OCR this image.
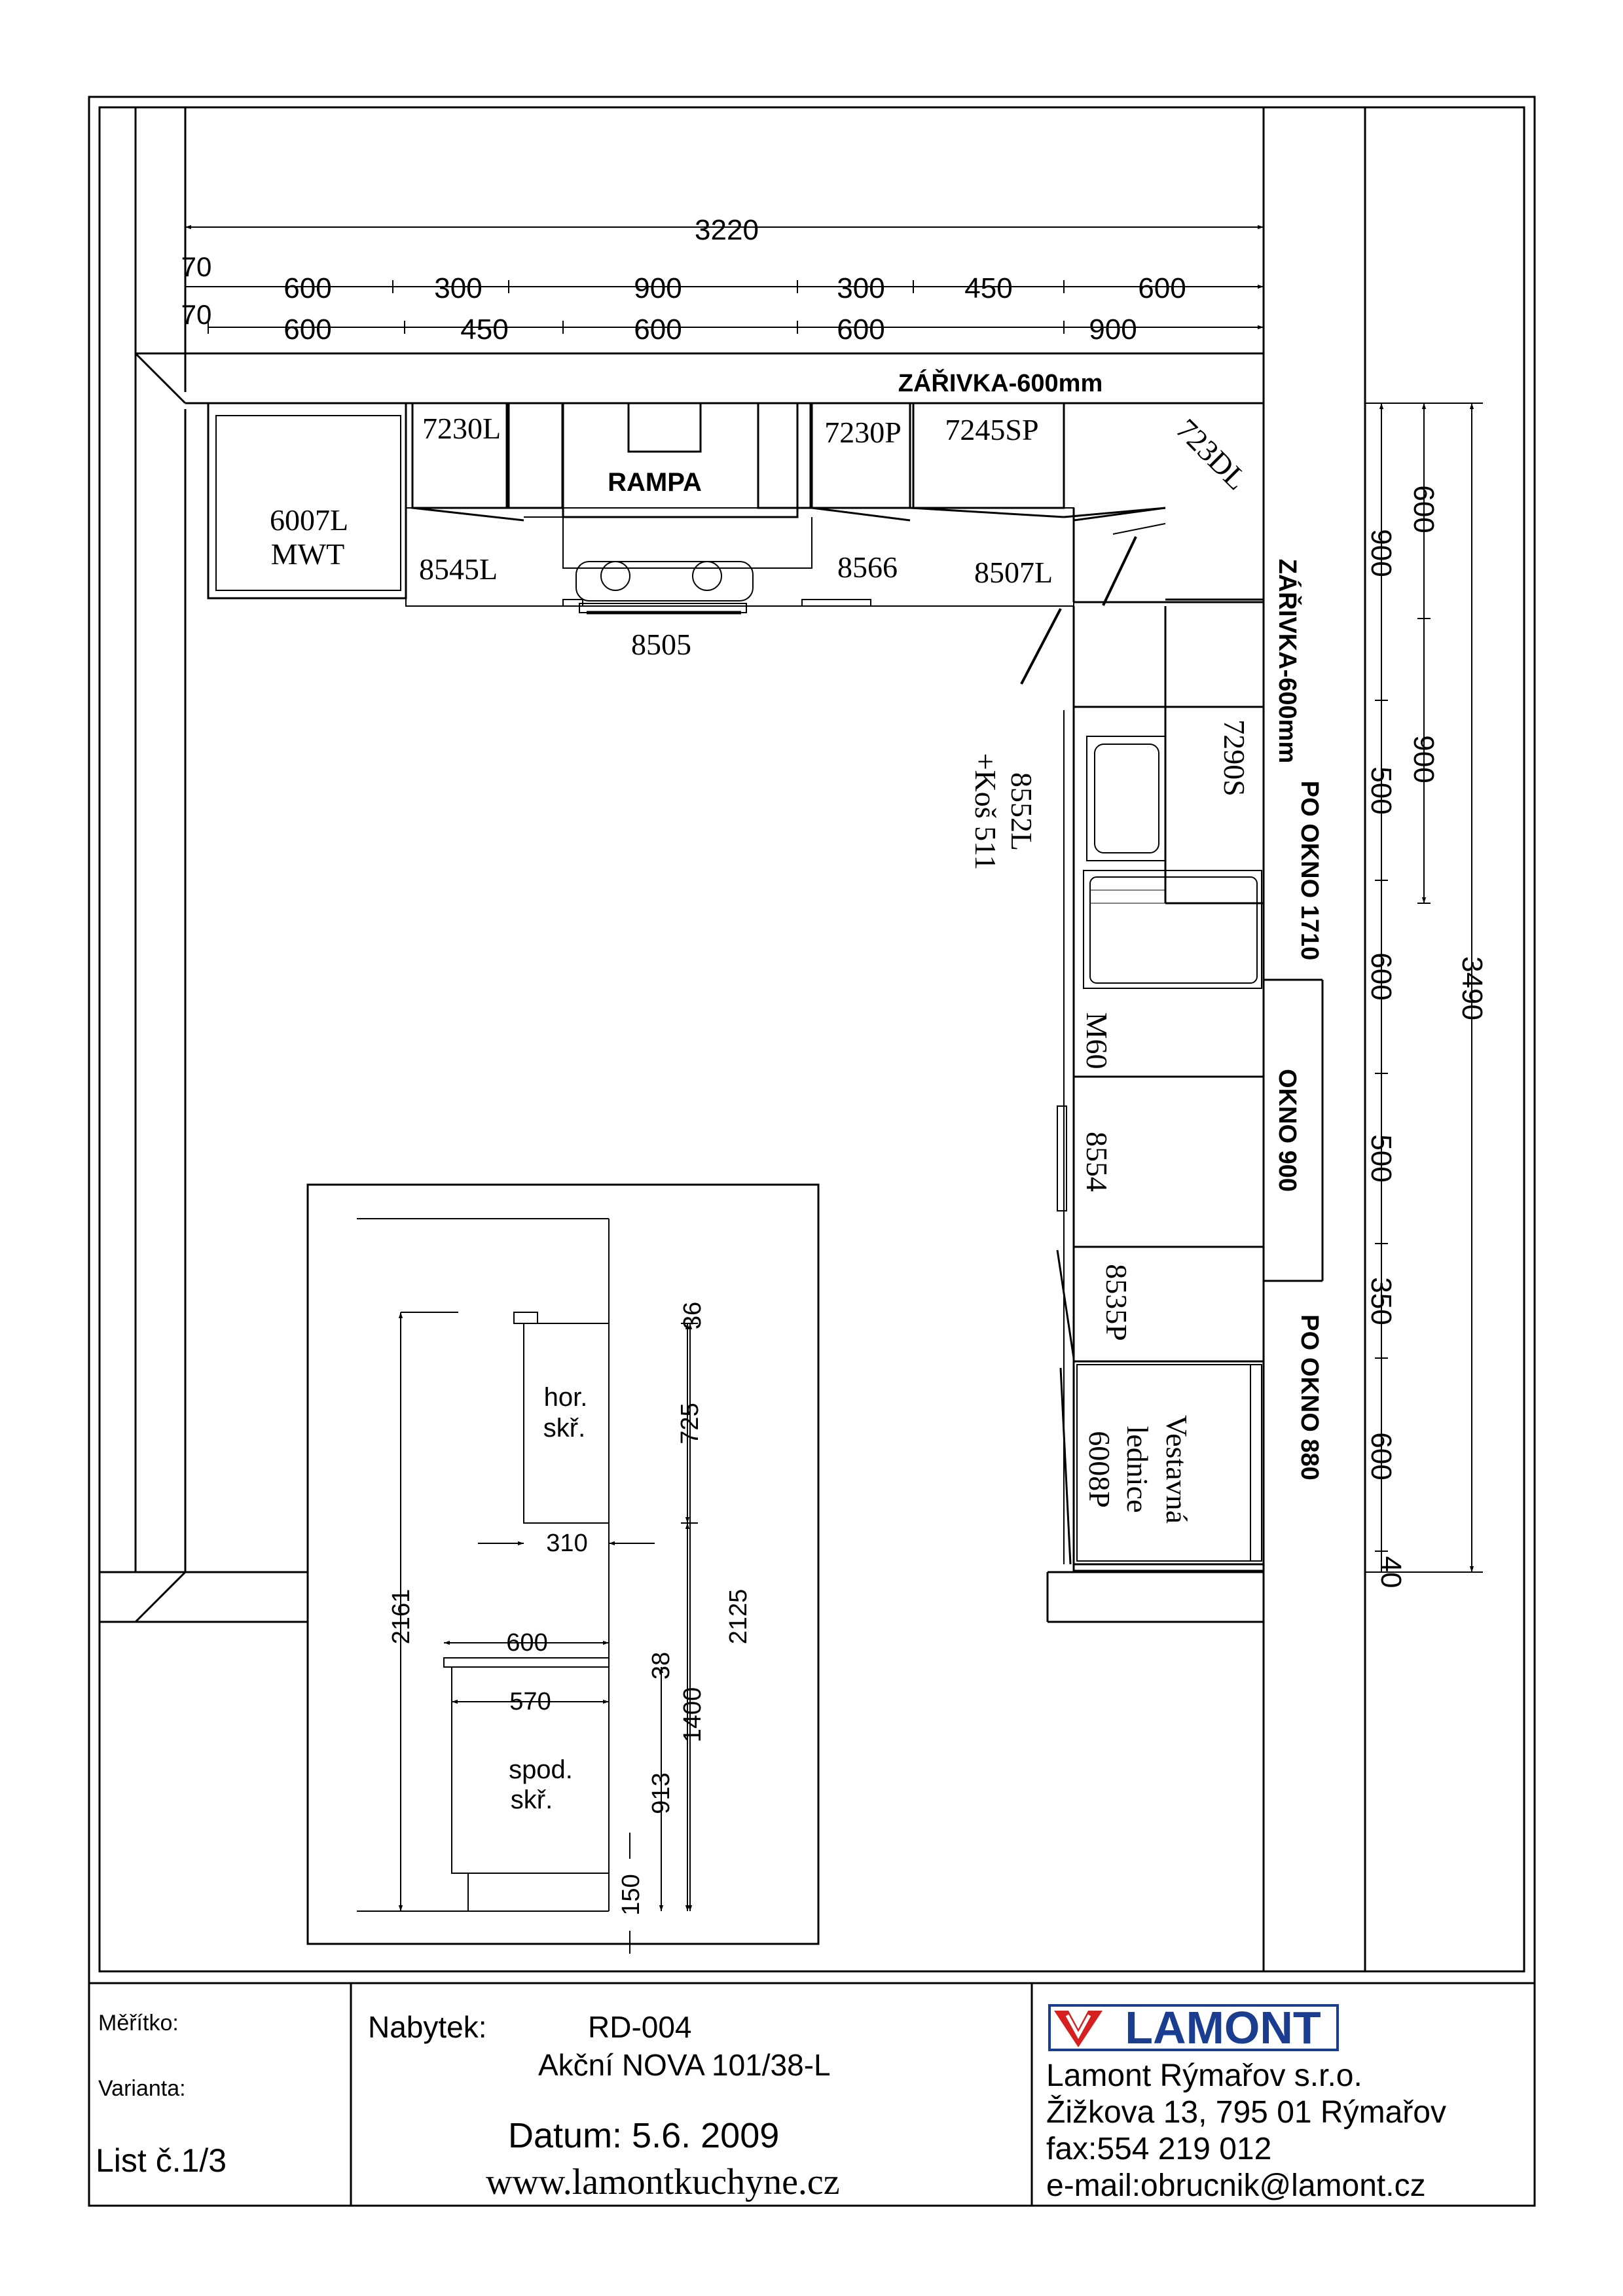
3220
70
70
600	300	900	300	450	600
600	450	600	600	900
ZÁŘIVKA-600mm
6007L
MWT
7230L
RAMPA
7230P 7245SP	723DL
8545L	8566	8507L
8505
8552L
+Koš 511	7290S
M60
8554
8535P
Vestavná
lednice
6008P
ZÁŘIVKA-600mm
PO OKNO 1710
OKNO 900
PO OKNO 880
3490
600
900
900
500
600
500
350
600
40
hor.
skř.
spod.
skř.
2161
36
725
2125
310
600
38
570	1400
913
150
LAMONT
Měřítko:
Varianta:
List č.1/3
Nabytek:	RD-004
Akční NOVA 101/38-L
Datum: 5.6. 2009
www.lamontkuchyne.cz
Lamont Rýmařov s.r.o.
Žižkova 13, 795 01 Rýmařov
fax:554 219 012
e-mail:obrucnik@lamont.cz
